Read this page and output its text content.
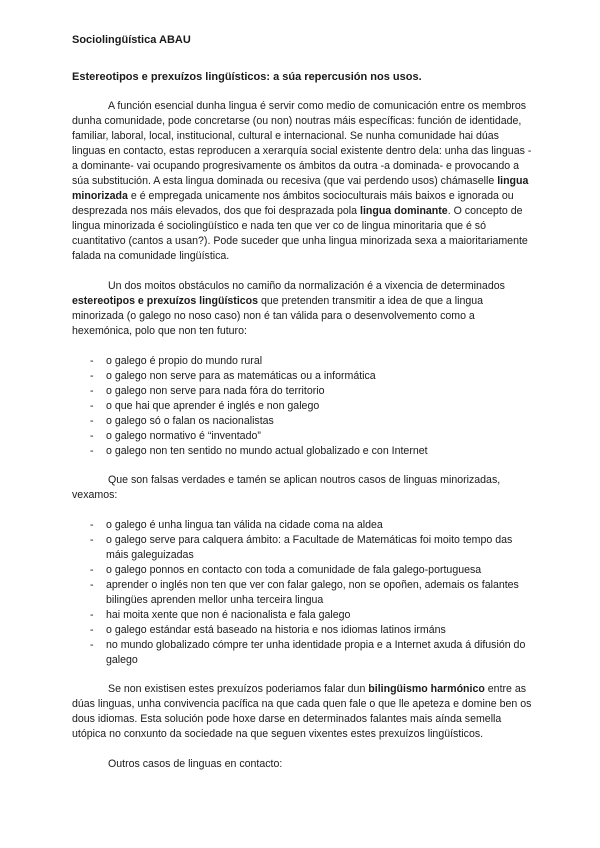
Sociolingüística ABAU
Estereotipos e prexuízos lingüísticos: a súa repercusión nos usos.

A función esencial dunha lingua é servir como medio de comunicación entre os membros dunha comunidade, pode concretarse (ou non) noutras máis específicas: función de identidade, familiar, laboral, local, institucional, cultural e internacional. Se nunha comunidade hai dúas linguas en contacto, estas reproducen a xerarquía social existente dentro dela: unha das linguas -a dominante- vai ocupando progresivamente os ámbitos da outra -a dominada- e provocando a súa substitución. A esta lingua dominada ou recesiva (que vai perdendo usos) chámaselle lingua minorizada e é empregada unicamente nos ámbitos socioculturais máis baixos e ignorada ou desprezada nos máis elevados, dos que foi desprazada pola lingua dominante. O concepto de lingua minorizada é sociolingüístico e nada ten que ver co de lingua minoritaria que é só cuantitativo (cantos a usan?). Pode suceder que unha lingua minorizada sexa a maioritariamente falada na comunidade lingüística.

Un dos moitos obstáculos no camiño da normalización é a vixencia de determinados estereotipos e prexuízos lingüísticos que pretenden transmitir a idea de que a lingua minorizada (o galego no noso caso) non é tan válida para o desenvolvemento como a hexemónica, polo que non ten futuro:

- o galego é propio do mundo rural
- o galego non serve para as matemáticas ou a informática
- o galego non serve para nada fóra do territorio
- o que hai que aprender é inglés e non galego
- o galego só o falan os nacionalistas
- o galego normativo é “inventado”
- o galego non ten sentido no mundo actual globalizado e con Internet

Que son falsas verdades e tamén se aplican noutros casos de linguas minorizadas, vexamos:

- o galego é unha lingua tan válida na cidade coma na aldea
- o galego serve para calquera ámbito: a Facultade de Matemáticas foi moito tempo das máis galeguizadas
- o galego ponnos en contacto con toda a comunidade de fala galego-portuguesa
- aprender o inglés non ten que ver con falar galego, non se opoñen, ademais os falantes bilingües aprenden mellor unha terceira lingua
- hai moita xente que non é nacionalista e fala galego
- o galego estándar está baseado na historia e nos idiomas latinos irmáns
- no mundo globalizado cómpre ter unha identidade propia e a Internet axuda á difusión do galego

Se non existisen estes prexuízos poderiamos falar dun bilingüismo harmónico entre as dúas linguas, unha convivencia pacífica na que cada quen fale o que lle apeteza e domine ben os dous idiomas. Esta solución pode hoxe darse en determinados falantes mais aínda semella utópica no conxunto da sociedade na que seguen vixentes estes prexuízos lingüísticos.

Outros casos de linguas en contacto:
